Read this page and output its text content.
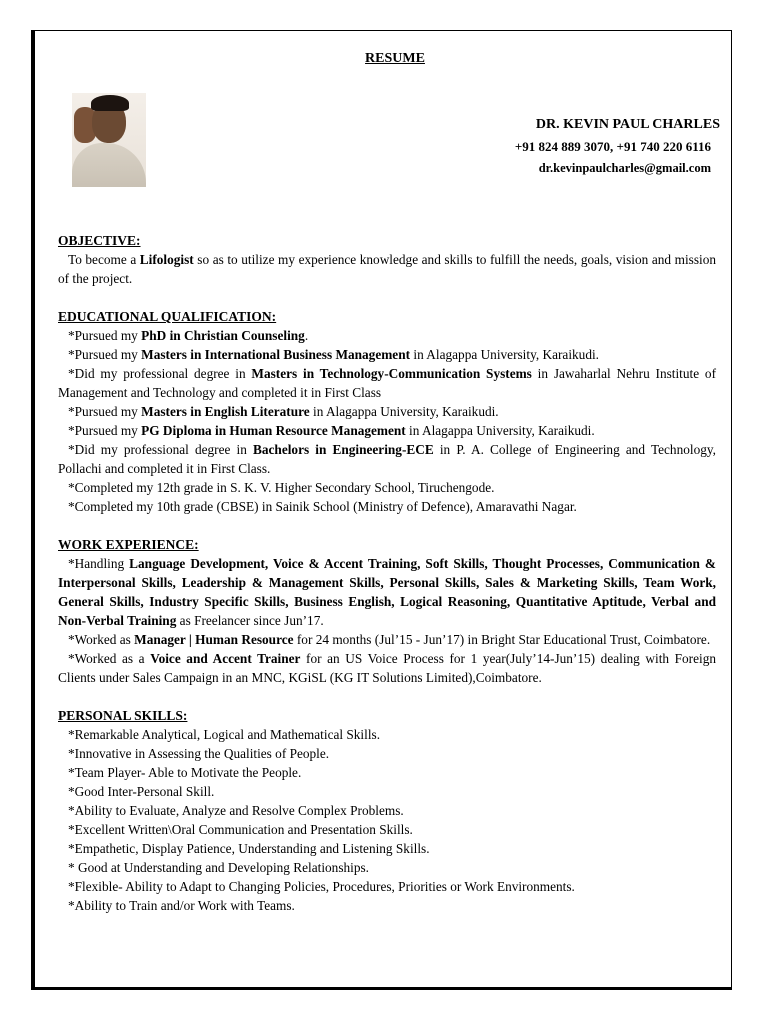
RESUME
DR. KEVIN PAUL CHARLES
+91 824 889 3070, +91 740 220 6116
dr.kevinpaulcharles@gmail.com
OBJECTIVE:

To become a Lifologist so as to utilize my experience knowledge and skills to fulfill the needs, goals, vision and mission of the project.

EDUCATIONAL QUALIFICATION:

*Pursued my PhD in Christian Counseling.

*Pursued my Masters in International Business Management in Alagappa University, Karaikudi.

*Did my professional degree in Masters in Technology-Communication Systems in Jawaharlal Nehru Institute of Management and Technology and completed it in First Class

*Pursued my Masters in English Literature in Alagappa University, Karaikudi.

*Pursued my PG Diploma in Human Resource Management in Alagappa University, Karaikudi.

*Did my professional degree in Bachelors in Engineering-ECE in P. A. College of Engineering and Technology, Pollachi and completed it in First Class.

*Completed my 12th grade in S. K. V. Higher Secondary School, Tiruchengode.

*Completed my 10th grade (CBSE) in Sainik School (Ministry of Defence), Amaravathi Nagar.

WORK EXPERIENCE:

*Handling Language Development, Voice & Accent Training, Soft Skills, Thought Processes, Communication & Interpersonal Skills, Leadership & Management Skills, Personal Skills, Sales & Marketing Skills, Team Work, General Skills, Industry Specific Skills, Business English, Logical Reasoning, Quantitative Aptitude, Verbal and Non-Verbal Training as Freelancer since Jun’17.

*Worked as Manager | Human Resource for 24 months (Jul’15 - Jun’17) in Bright Star Educational Trust, Coimbatore.

*Worked as a Voice and Accent Trainer for an US Voice Process for 1 year(July’14-Jun’15) dealing with Foreign Clients under Sales Campaign in an MNC, KGiSL (KG IT Solutions Limited),Coimbatore.

PERSONAL SKILLS:

*Remarkable Analytical, Logical and Mathematical Skills.

*Innovative in Assessing the Qualities of People.

*Team Player- Able to Motivate the People.

*Good Inter-Personal Skill.

*Ability to Evaluate, Analyze and Resolve Complex Problems.

*Excellent Written\Oral Communication and Presentation Skills.

*Empathetic, Display Patience, Understanding and Listening Skills.

* Good at Understanding and Developing Relationships.

*Flexible- Ability to Adapt to Changing Policies, Procedures, Priorities or Work Environments.

*Ability to Train and/or Work with Teams.
